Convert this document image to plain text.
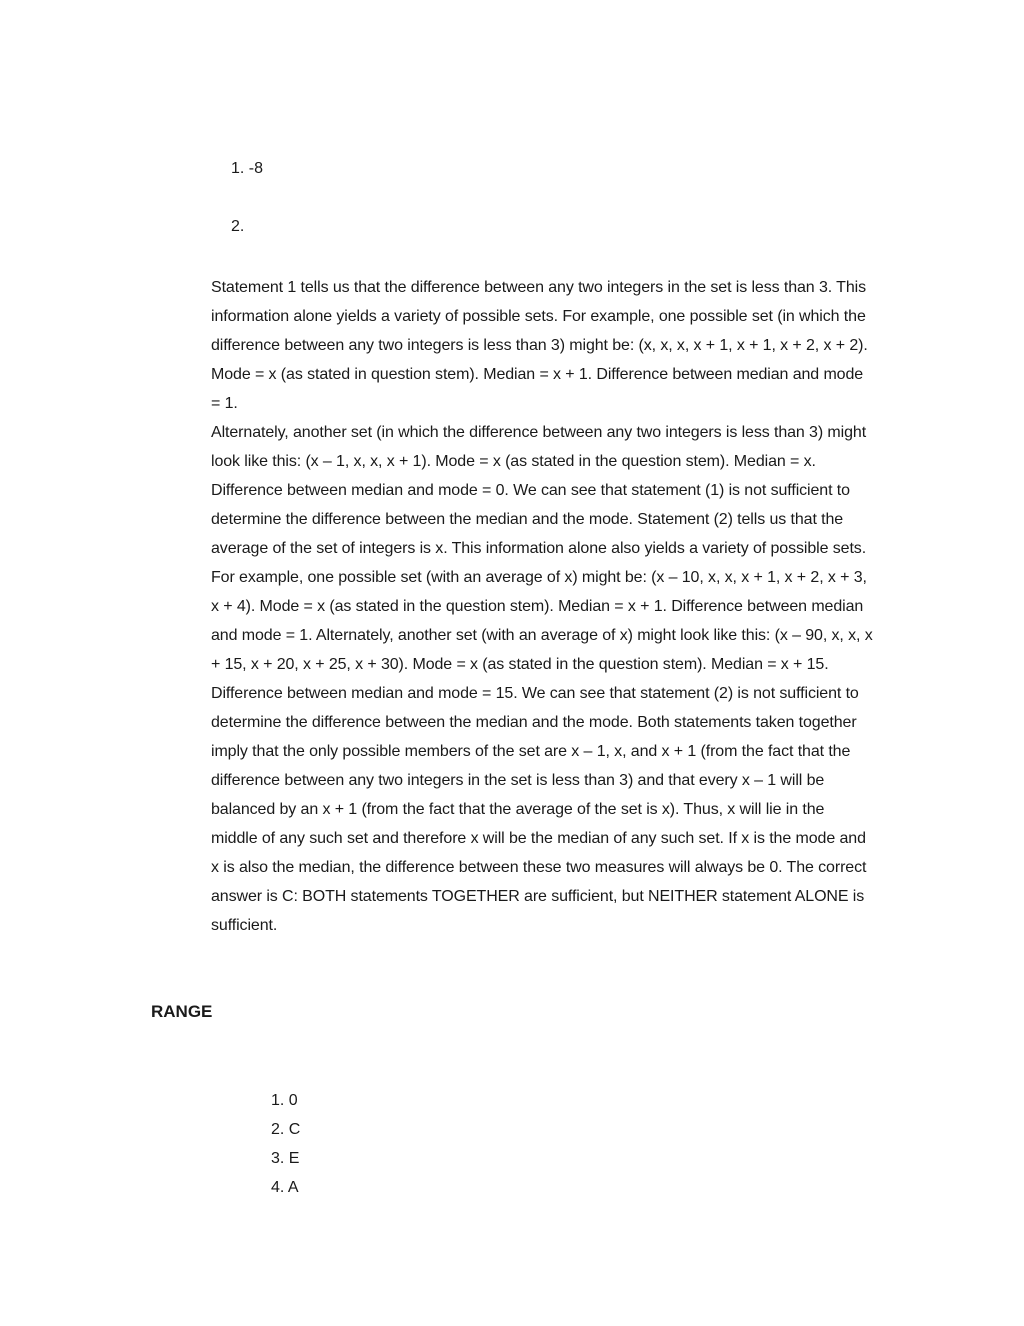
1. -8
2.

Statement 1 tells us that the difference between any two integers in the set is less than 3. This information alone yields a variety of possible sets. For example, one possible set (in which the difference between any two integers is less than 3) might be: (x, x, x, x + 1, x + 1, x + 2, x + 2). Mode = x (as stated in question stem). Median = x + 1. Difference between median and mode = 1.

Alternately, another set (in which the difference between any two integers is less than 3) might look like this: (x – 1, x, x, x + 1). Mode = x (as stated in the question stem). Median = x. Difference between median and mode = 0. We can see that statement (1) is not sufficient to determine the difference between the median and the mode. Statement (2) tells us that the average of the set of integers is x. This information alone also yields a variety of possible sets. For example, one possible set (with an average of x) might be: (x – 10, x, x, x + 1, x + 2, x + 3, x + 4). Mode = x (as stated in the question stem). Median = x + 1. Difference between median and mode = 1. Alternately, another set (with an average of x) might look like this: (x – 90, x, x, x + 15, x + 20, x + 25, x + 30). Mode = x (as stated in the question stem). Median = x + 15. Difference between median and mode = 15. We can see that statement (2) is not sufficient to determine the difference between the median and the mode. Both statements taken together imply that the only possible members of the set are x – 1, x, and x + 1 (from the fact that the difference between any two integers in the set is less than 3) and that every x – 1 will be balanced by an x + 1 (from the fact that the average of the set is x). Thus, x will lie in the middle of any such set and therefore x will be the median of any such set. If x is the mode and x is also the median, the difference between these two measures will always be 0. The correct answer is C: BOTH statements TOGETHER are sufficient, but NEITHER statement ALONE is sufficient.

RANGE
1. 0
2. C
3. E
4. A
